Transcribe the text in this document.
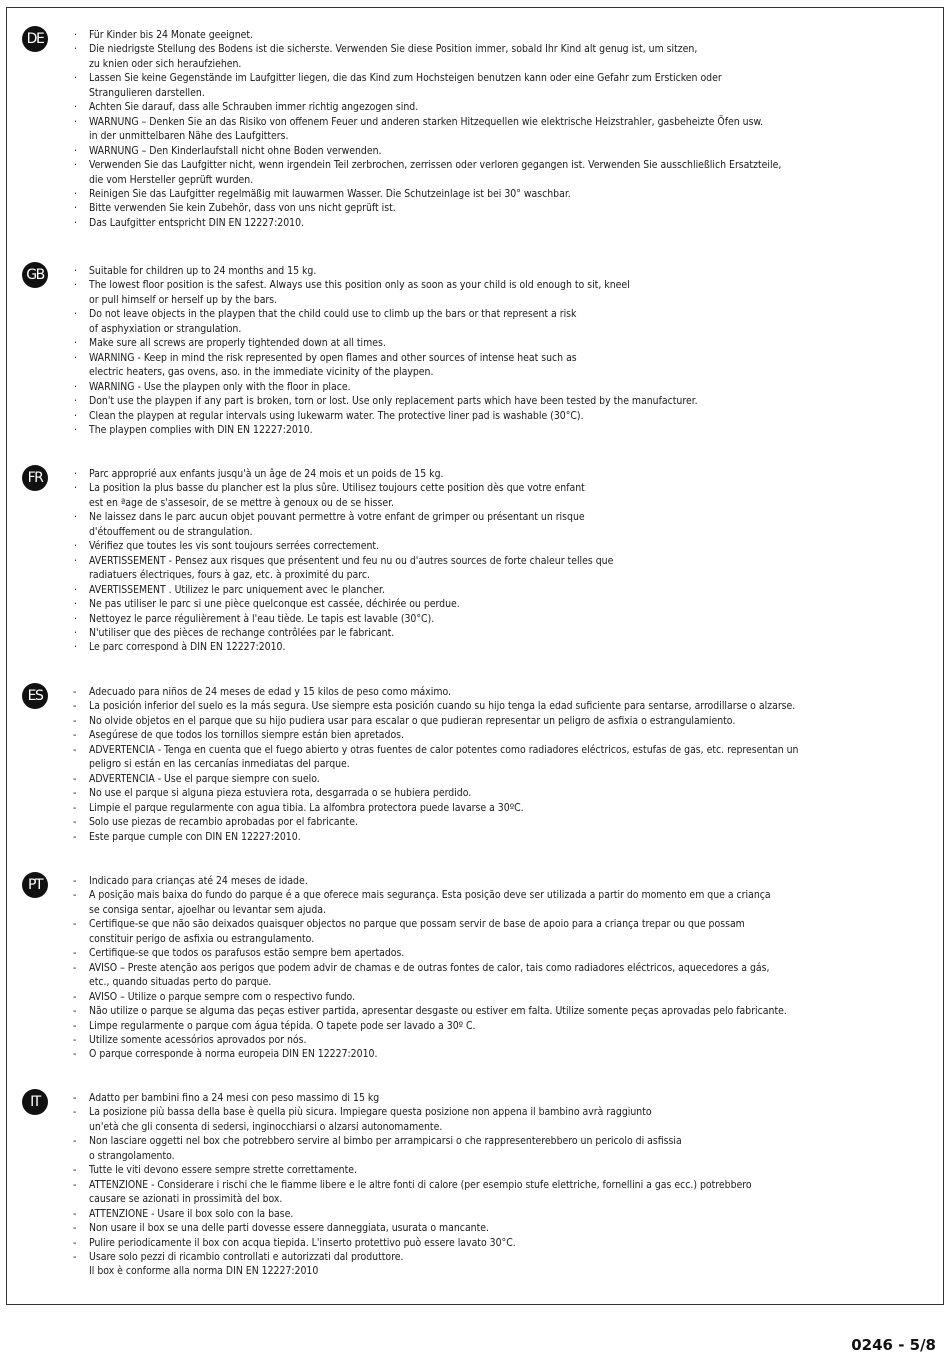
DE	· Für Kinder bis 24 Monate geeignet.
· Die niedrigste Stellung des Bodens ist die sicherste. Verwenden Sie diese Position immer, sobald Ihr Kind alt genug ist, um sitzen,
zu knien oder sich heraufziehen.
· Lassen Sie keine Gegenstände im Laufgitter liegen, die das Kind zum Hochsteigen benutzen kann oder eine Gefahr zum Ersticken oder
Strangulieren darstellen.
· Achten Sie darauf, dass alle Schrauben immer richtig angezogen sind.
· WARNUNG – Denken Sie an das Risiko von offenem Feuer und anderen starken Hitzequellen wie elektrische Heizstrahler, gasbeheizte Öfen usw.
in der unmittelbaren Nähe des Laufgitters.
· WARNUNG – Den Kinderlaufstall nicht ohne Boden verwenden.
· Verwenden Sie das Laufgitter nicht, wenn irgendein Teil zerbrochen, zerrissen oder verloren gegangen ist. Verwenden Sie ausschließlich Ersatzteile,
die vom Hersteller geprüft wurden.
· Reinigen Sie das Laufgitter regelmäßig mit lauwarmen Wasser. Die Schutzeinlage ist bei 30° waschbar.
· Bitte verwenden Sie kein Zubehör, dass von uns nicht geprüft ist.
· Das Laufgitter entspricht DIN EN 12227:2010.
GB	· Suitable for children up to 24 months and 15 kg.
· The lowest floor position is the safest. Always use this position only as soon as your child is old enough to sit, kneel
or pull himself or herself up by the bars.
· Do not leave objects in the playpen that the child could use to climb up the bars or that represent a risk
of asphyxiation or strangulation.
· Make sure all screws are properly tightended down at all times.
· WARNING - Keep in mind the risk represented by open flames and other sources of intense heat such as
electric heaters, gas ovens, aso. in the immediate vicinity of the playpen.
· WARNING - Use the playpen only with the floor in place.
· Don't use the playpen if any part is broken, torn or lost. Use only replacement parts which have been tested by the manufacturer.
· Clean the playpen at regular intervals using lukewarm water. The protective liner pad is washable (30°C).
· The playpen complies with DIN EN 12227:2010.
FR	· Parc approprié aux enfants jusqu'à un âge de 24 mois et un poids de 15 kg.
· La position la plus basse du plancher est la plus sûre. Utilisez toujours cette position dès que votre enfant
est en ªage de s'assesoir, de se mettre à genoux ou de se hisser.
· Ne laissez dans le parc aucun objet pouvant permettre à votre enfant de grimper ou présentant un risque
d'étouffement ou de strangulation.
· Vérifiez que toutes les vis sont toujours serrées correctement.
· AVERTISSEMENT - Pensez aux risques que présentent und feu nu ou d'autres sources de forte chaleur telles que
radiatuers électriques, fours à gaz, etc. à proximité du parc.
· AVERTISSEMENT . Utilizez le parc uniquement avec le plancher.
· Ne pas utiliser le parc si une pièce quelconque est cassée, déchirée ou perdue.
· Nettoyez le parce régulièrement à l'eau tiède. Le tapis est lavable (30°C).
· N'utiliser que des pièces de rechange contrôlées par le fabricant.
· Le parc correspond à DIN EN 12227:2010.
ES	- Adecuado para niños de 24 meses de edad y 15 kilos de peso como máximo.
- La posición inferior del suelo es la más segura. Use siempre esta posición cuando su hijo tenga la edad suficiente para sentarse, arrodillarse o alzarse.
- No olvide objetos en el parque que su hijo pudiera usar para escalar o que pudieran representar un peligro de asfixia o estrangulamiento.
- Asegúrese de que todos los tornillos siempre están bien apretados.
- ADVERTENCIA - Tenga en cuenta que el fuego abierto y otras fuentes de calor potentes como radiadores eléctricos, estufas de gas, etc. representan un
peligro si están en las cercanías inmediatas del parque.
- ADVERTENCIA - Use el parque siempre con suelo.
- No use el parque si alguna pieza estuviera rota, desgarrada o se hubiera perdido.
- Limpie el parque regularmente con agua tibia. La alfombra protectora puede lavarse a 30ºC.
- Solo use piezas de recambio aprobadas por el fabricante.
- Este parque cumple con DIN EN 12227:2010.
PT	- Indicado para crianças até 24 meses de idade.
- A posição mais baixa do fundo do parque é a que oferece mais segurança. Esta posição deve ser utilizada a partir do momento em que a criança
se consiga sentar, ajoelhar ou levantar sem ajuda.
- Certifique-se que não são deixados quaisquer objectos no parque que possam servir de base de apoio para a criança trepar ou que possam
constituir perigo de asfixia ou estrangulamento.
- Certifique-se que todos os parafusos estão sempre bem apertados.
- AVISO – Preste atenção aos perigos que podem advir de chamas e de outras fontes de calor, tais como radiadores eléctricos, aquecedores a gás,
etc., quando situadas perto do parque.
- AVISO – Utilize o parque sempre com o respectivo fundo.
- Não utilize o parque se alguma das peças estiver partida, apresentar desgaste ou estiver em falta. Utilize somente peças aprovadas pelo fabricante.
- Limpe regularmente o parque com água tépida. O tapete pode ser lavado a 30º C.
- Utilize somente acessórios aprovados por nós.
- O parque corresponde à norma europeia DIN EN 12227:2010.
IT	- Adatto per bambini fino a 24 mesi con peso massimo di 15 kg
- La posizione più bassa della base è quella più sicura. Impiegare questa posizione non appena il bambino avrà raggiunto
un'età che gli consenta di sedersi, inginocchiarsi o alzarsi autonomamente.
- Non lasciare oggetti nel box che potrebbero servire al bimbo per arrampicarsi o che rappresenterebbero un pericolo di asfissia
o strangolamento.
- Tutte le viti devono essere sempre strette correttamente.
- ATTENZIONE - Considerare i rischi che le fiamme libere e le altre fonti di calore (per esempio stufe elettriche, fornellini a gas ecc.) potrebbero
causare se azionati in prossimità del box.
- ATTENZIONE - Usare il box solo con la base.
- Non usare il box se una delle parti dovesse essere danneggiata, usurata o mancante.
- Pulire periodicamente il box con acqua tiepida. L'inserto protettivo può essere lavato 30°C.
- Usare solo pezzi di ricambio controllati e autorizzati dal produttore.
Il box è conforme alla norma DIN EN 12227:2010
0246 - 5/8
